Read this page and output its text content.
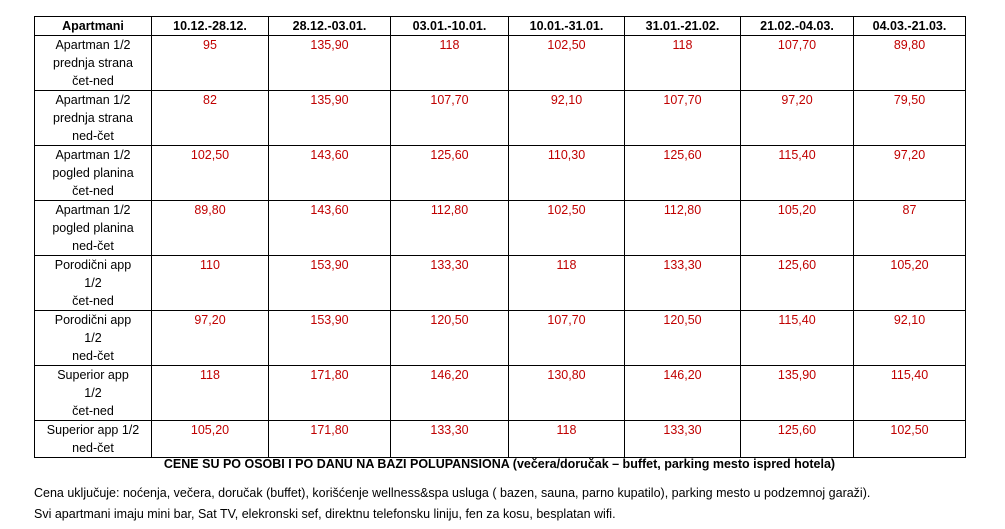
Apartmani	10.12.-28.12.	28.12.-03.01.	03.01.-10.01.	10.01.-31.01.	31.01.-21.02.	21.02.-04.03.	04.03.-21.03.
Apartman 1/2
prednja strana
čet-ned	95	135,90	118	102,50	118	107,70	89,80
Apartman 1/2
prednja strana
ned-čet	82	135,90	107,70	92,10	107,70	97,20	79,50
Apartman 1/2
pogled planina
čet-ned	102,50	143,60	125,60	110,30	125,60	115,40	97,20
Apartman 1/2
pogled planina
ned-čet	89,80	143,60	112,80	102,50	112,80	105,20	87
Porodični app
1/2
čet-ned	110	153,90	133,30	118	133,30	125,60	105,20
Porodični app
1/2
ned-čet	97,20	153,90	120,50	107,70	120,50	115,40	92,10
Superior app
1/2
čet-ned	118	171,80	146,20	130,80	146,20	135,90	115,40
Superior app 1/2
ned-čet	105,20	171,80	133,30	118	133,30	125,60	102,50
CENE SU PO OSOBI I PO DANU NA BAZI POLUPANSIONA (večera/doručak – buffet, parking mesto ispred hotela)
Cena uključuje: noćenja, večera, doručak (buffet), korišćenje wellness&spa usluga ( bazen, sauna, parno kupatilo), parking mesto u podzemnoj garaži).
Svi apartmani imaju mini bar, Sat TV, elekronski sef, direktnu telefonsku liniju, fen za kosu, besplatan wifi.
